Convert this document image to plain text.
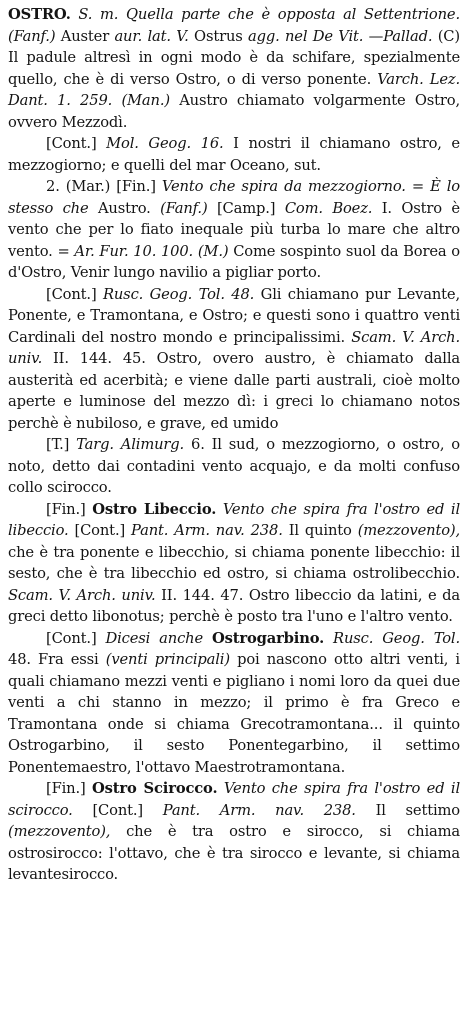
OSTRO. S. m. Quella parte che è opposta al Settentrione. (Fanf.) Auster aur. lat. V. Ostrus agg. nel De Vit. —Pallad. (C) Il padule altresì in ogni modo è da schifare, spezialmente quello, che è di verso Ostro, o di verso ponente. Varch. Lez. Dant. 1. 259. (Man.) Austro chiamato volgarmente Ostro, ovvero Mezzodì.

[Cont.] Mol. Geog. 16. I nostri il chiamano ostro, e mezzogiorno; e quelli del mar Oceano, sut.

2. (Mar.) [Fin.] Vento che spira da mezzogiorno. = È lo stesso che Austro. (Fanf.) [Camp.] Com. Boez. I. Ostro è vento che per lo fiato inequale più turba lo mare che altro vento. = Ar. Fur. 10. 100. (M.) Come sospinto suol da Borea o d'Ostro, Venir lungo navilio a pigliar porto.

[Cont.] Rusc. Geog. Tol. 48. Gli chiamano pur Levante, Ponente, e Tramontana, e Ostro; e questi sono i quattro venti Cardinali del nostro mondo e principalissimi. Scam. V. Arch. univ. II. 144. 45. Ostro, overo austro, è chiamato dalla austerità ed acerbità; e viene dalle parti australi, cioè molto aperte e luminose del mezzo dì: i greci lo chiamano notos perchè è nubiloso, e grave, ed umido

[T.] Targ. Alimurg. 6. Il sud, o mezzogiorno, o ostro, o noto, detto dai contadini vento acquajo, e da molti confuso collo scirocco.

[Fin.] Ostro Libeccio. Vento che spira fra l'ostro ed il libeccio. [Cont.] Pant. Arm. nav. 238. Il quinto (mezzovento), che è tra ponente e libecchio, si chiama ponente libecchio: il sesto, che è tra libecchio ed ostro, si chiama ostrolibecchio. Scam. V. Arch. univ. II. 144. 47. Ostro libeccio da latini, e da greci detto libonotus; perchè è posto tra l'uno e l'altro vento.

[Cont.] Dicesi anche Ostrogarbino. Rusc. Geog. Tol. 48. Fra essi (venti principali) poi nascono otto altri venti, i quali chiamano mezzi venti e pigliano i nomi loro da quei due venti a chi stanno in mezzo; il primo è fra Greco e Tramontana onde si chiama Grecotramontana... il quinto Ostrogarbino, il sesto Ponentegarbino, il settimo Ponentemaestro, l'ottavo Maestrotramontana.

[Fin.] Ostro Scirocco. Vento che spira fra l'ostro ed il scirocco. [Cont.] Pant. Arm. nav. 238. Il settimo (mezzovento), che è tra ostro e sirocco, si chiama ostrosirocco: l'ottavo, che è tra sirocco e levante, si chiama levantesirocco.
